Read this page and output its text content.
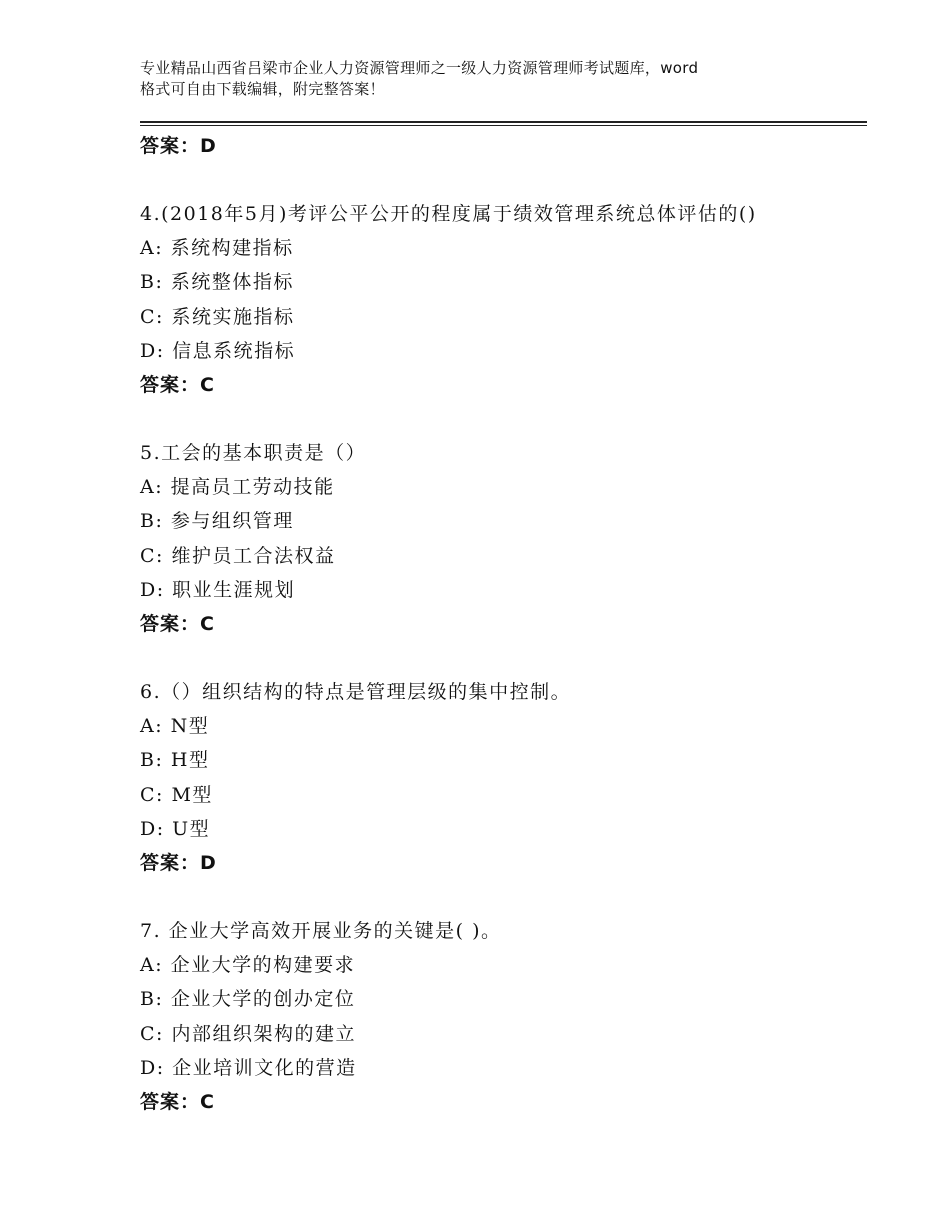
专业精品山西省吕梁市企业人力资源管理师之一级人力资源管理师考试题库，word
格式可自由下载编辑，附完整答案！
答案：D
4.(2018年5月)考评公平公开的程度属于绩效管理系统总体评估的()
A: 系统构建指标
B: 系统整体指标
C: 系统实施指标
D: 信息系统指标
答案：C
5.工会的基本职责是（）
A: 提高员工劳动技能
B: 参与组织管理
C: 维护员工合法权益
D: 职业生涯规划
答案：C
6.（）组织结构的特点是管理层级的集中控制。
A: N型
B: H型
C: M型
D: U型
答案：D
7. 企业大学高效开展业务的关键是( )。
A: 企业大学的构建要求
B: 企业大学的创办定位
C: 内部组织架构的建立
D: 企业培训文化的营造
答案：C
